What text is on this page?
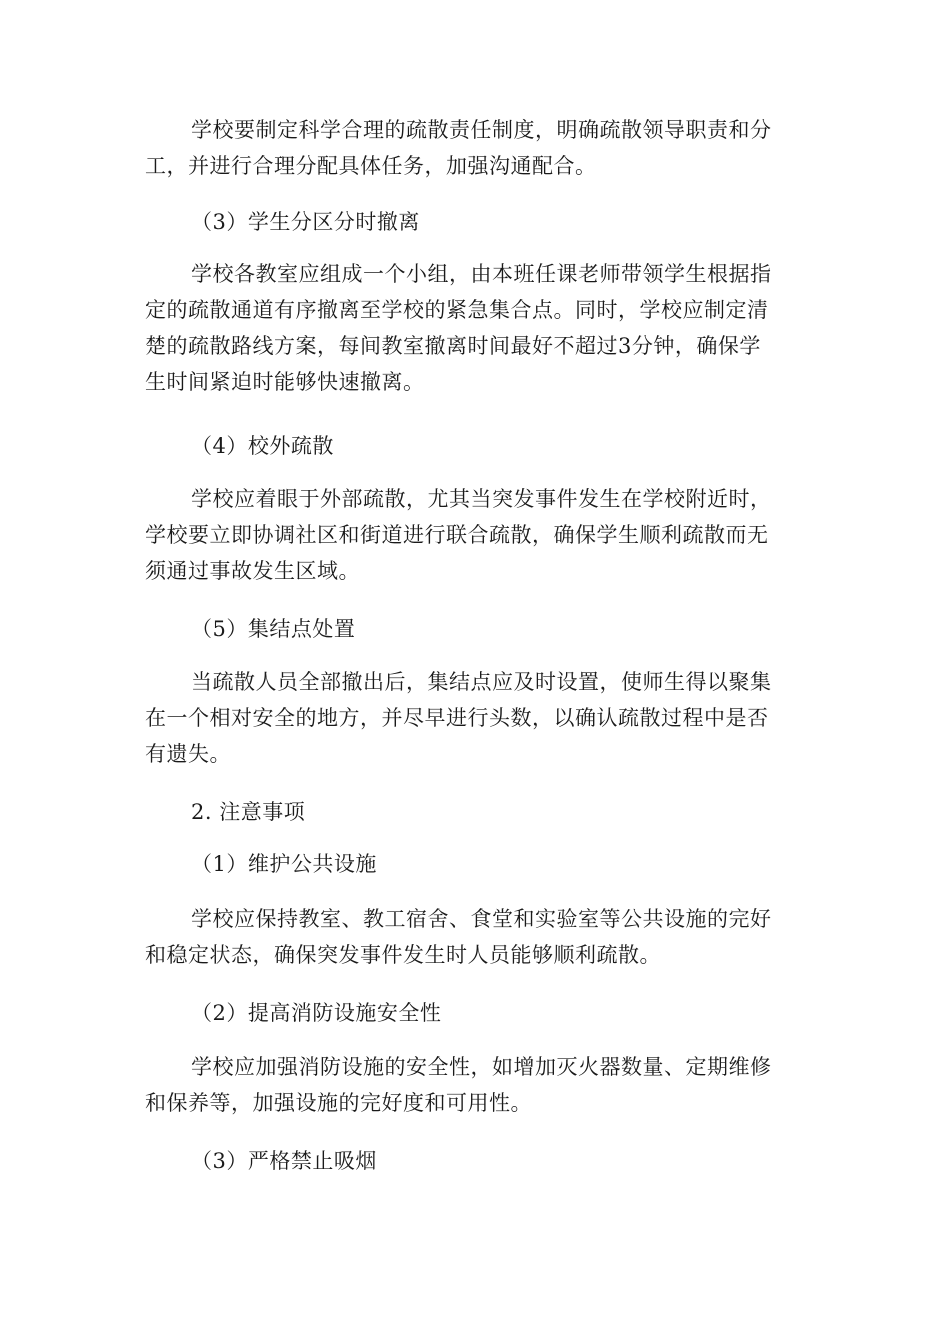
学校要制定科学合理的疏散责任制度，明确疏散领导职责和分
工，并进行合理分配具体任务，加强沟通配合。

（3）学生分区分时撤离

学校各教室应组成一个小组，由本班任课老师带领学生根据指
定的疏散通道有序撤离至学校的紧急集合点。同时，学校应制定清
楚的疏散路线方案，每间教室撤离时间最好不超过3分钟，确保学
生时间紧迫时能够快速撤离。

（4）校外疏散

学校应着眼于外部疏散，尤其当突发事件发生在学校附近时，
学校要立即协调社区和街道进行联合疏散，确保学生顺利疏散而无
须通过事故发生区域。

（5）集结点处置

当疏散人员全部撤出后，集结点应及时设置，使师生得以聚集
在一个相对安全的地方，并尽早进行头数，以确认疏散过程中是否
有遗失。

2. 注意事项

（1）维护公共设施

学校应保持教室、教工宿舍、食堂和实验室等公共设施的完好
和稳定状态，确保突发事件发生时人员能够顺利疏散。

（2）提高消防设施安全性

学校应加强消防设施的安全性，如增加灭火器数量、定期维修
和保养等，加强设施的完好度和可用性。

（3）严格禁止吸烟
